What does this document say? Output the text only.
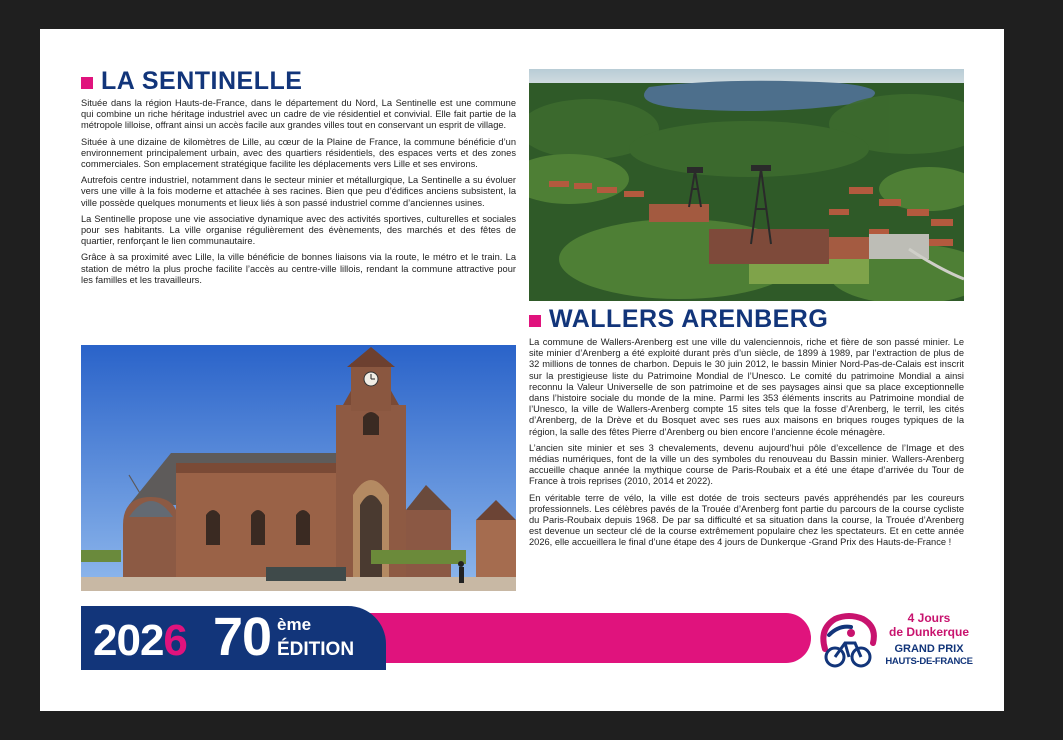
LA SENTINELLE

Située dans la région Hauts-de-France, dans le département du Nord, La Sentinelle est une commune qui combine un riche héritage industriel avec un cadre de vie résidentiel et convivial. Elle fait partie de la métropole lilloise, offrant ainsi un accès facile aux grandes villes tout en conservant un esprit de village.

Située à une dizaine de kilomètres de Lille, au cœur de la Plaine de France, la commune bénéficie d’un environnement principalement urbain, avec des quartiers résidentiels, des espaces verts et des zones commerciales. Son emplacement stratégique facilite les déplacements vers Lille et ses environs.

Autrefois centre industriel, notamment dans le secteur minier et métallurgique, La Sentinelle a su évoluer vers une ville à la fois moderne et attachée à ses racines. Bien que peu d’édifices anciens subsistent, la ville possède quelques monuments et lieux liés à son passé industriel comme d’anciennes usines.

La Sentinelle propose une vie associative dynamique avec des activités sportives, culturelles et sociales pour ses habitants. La ville organise régulièrement des évènements, des marchés et des fêtes de quartier, renforçant le lien communautaire.

Grâce à sa proximité avec Lille, la ville bénéficie de bonnes liaisons via la route, le métro et le train. La station de métro la plus proche facilite l’accès au centre-ville lillois, rendant la commune attractive pour les familles et les travailleurs.

WALLERS ARENBERG

La commune de Wallers-Arenberg est une ville du valenciennois, riche et fière de son passé minier. Le site minier d’Arenberg a été exploité durant près d’un siècle, de 1899 à 1989, par l’extraction de plus de 32 millions de tonnes de charbon. Depuis le 30 juin 2012, le bassin Minier Nord-Pas-de-Calais est inscrit sur la prestigieuse liste du Patrimoine Mondial de l’Unesco. Le comité du patrimoine Mondial a ainsi reconnu la Valeur Universelle de son patrimoine et de ses paysages ainsi que sa place exceptionnelle dans l’histoire sociale du monde de la mine. Parmi les 353 éléments inscrits au Patrimoine mondial de l’Unesco, la ville de Wallers-Arenberg compte 15 sites tels que la fosse d’Arenberg, le terril, les cités d’Arenberg, de la Drève et du Bosquet avec ses rues aux maisons en briques rouges typiques de la région, la salle des fêtes Pierre d’Arenberg ou bien encore l’ancienne école ménagère.

L’ancien site minier et ses 3 chevalements, devenu aujourd’hui pôle d’excellence de l’Image et des médias numériques, font de la ville un des symboles du renouveau du Bassin minier. Wallers-Arenberg accueille chaque année la mythique course de Paris-Roubaix et a été une étape d’arrivée du Tour de France à trois reprises (2010, 2014 et 2022).

En véritable terre de vélo, la ville est dotée de trois secteurs pavés appréhendés par les coureurs professionnels. Les célèbres pavés de la Trouée d’Arenberg font partie du parcours de la course cycliste du Paris-Roubaix depuis 1968. De par sa difficulté et sa situation dans la course, la Trouée d’Arenberg est devenue un secteur clé de la course extrêmement populaire chez les spectateurs. Et en cette année 2026, elle accueillera le final d’une étape des 4 jours de Dunkerque -Grand Prix des Hauts-de-France !

2026 70 ème
ÉDITION
4 Jours
de Dunkerque
GRAND PRIX
HAUTS-DE-FRANCE
